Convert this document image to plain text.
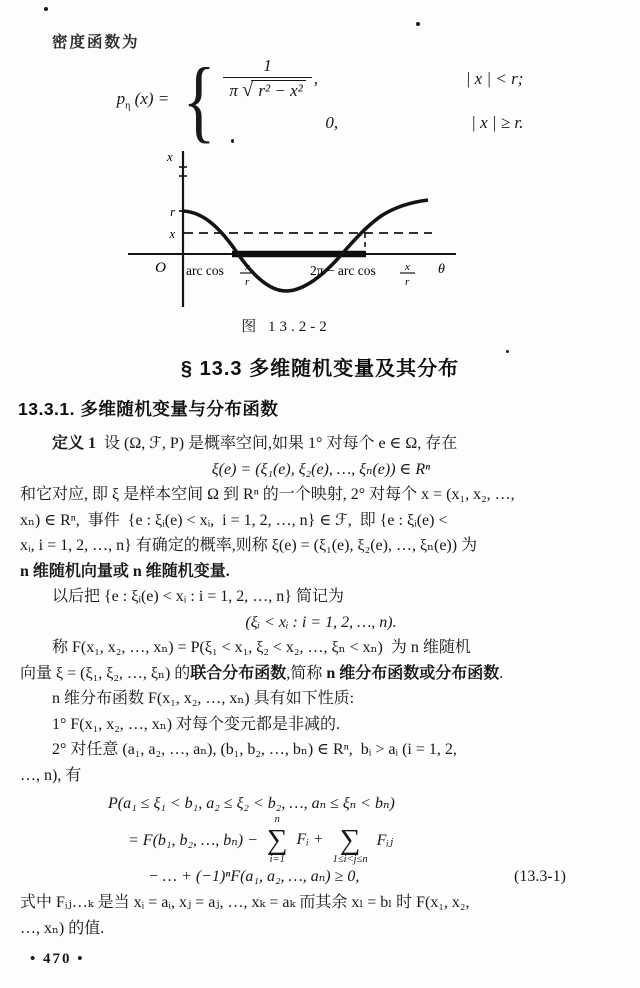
密度函数为
$p_\eta$ (x) = { $\frac{1}{\text{π √ r² − x²}}$ ,	| x | < r;
0,	| x | ≥ r.
x
r
x
O	θ
arc cos x
r
2π − arc cos	x
r
图 13.2-2
§ 13.3 多维随机变量及其分布
13.3.1. 多维随机变量与分布函数
定义 1  设 (Ω, ℱ, P) 是概率空间,如果 1° 对每个 e ∈ Ω, 存在
ξ(e) = (ξ₁(e), ξ₂(e), …, ξₙ(e)) ∈ Rⁿ
和它对应, 即 ξ 是样本空间 Ω 到 Rⁿ 的一个映射, 2° 对每个 x = (x₁, x₂, …,
xₙ) ∈ Rⁿ,  事件  {e : ξᵢ(e) < xᵢ,  i = 1, 2, …, n} ∈ ℱ,  即 {e : ξᵢ(e) <
xᵢ, i = 1, 2, …, n} 有确定的概率,则称 ξ(e) = (ξ₁(e), ξ₂(e), …, ξₙ(e)) 为
n 维随机向量或 n 维随机变量.
以后把 {e : ξᵢ(e) < xᵢ : i = 1, 2, …, n} 简记为
(ξᵢ < xᵢ : i = 1, 2, …, n).
称 F(x₁, x₂, …, xₙ) = P(ξ₁ < x₁, ξ₂ < x₂, …, ξₙ < xₙ)  为 n 维随机
向量 ξ = (ξ₁, ξ₂, …, ξₙ) 的联合分布函数,简称 n 维分布函数或分布函数.
n 维分布函数 F(x₁, x₂, …, xₙ) 具有如下性质:
1° F(x₁, x₂, …, xₙ) 对每个变元都是非减的.
2° 对任意 (a₁, a₂, …, aₙ), (b₁, b₂, …, bₙ) ∈ Rⁿ,  bᵢ > aᵢ (i = 1, 2,
…, n), 有
P(a₁ ≤ ξ₁ < b₁, a₂ ≤ ξ₂ < b₂, …, aₙ ≤ ξₙ < bₙ)
= F(b₁, b₂, …, bₙ) −
n
∑
i=1
Fᵢ + ∑
1≤i<j≤n
Fᵢⱼ
− … + (−1)ⁿF(a₁, a₂, …, aₙ) ≥ 0,	(13.3-1)
式中 Fᵢⱼ…ₖ 是当 xᵢ = aᵢ, xⱼ = aⱼ, …, xₖ = aₖ 而其余 xₗ = bₗ 时 F(x₁, x₂,
…, xₙ) 的值.
• 470 •
